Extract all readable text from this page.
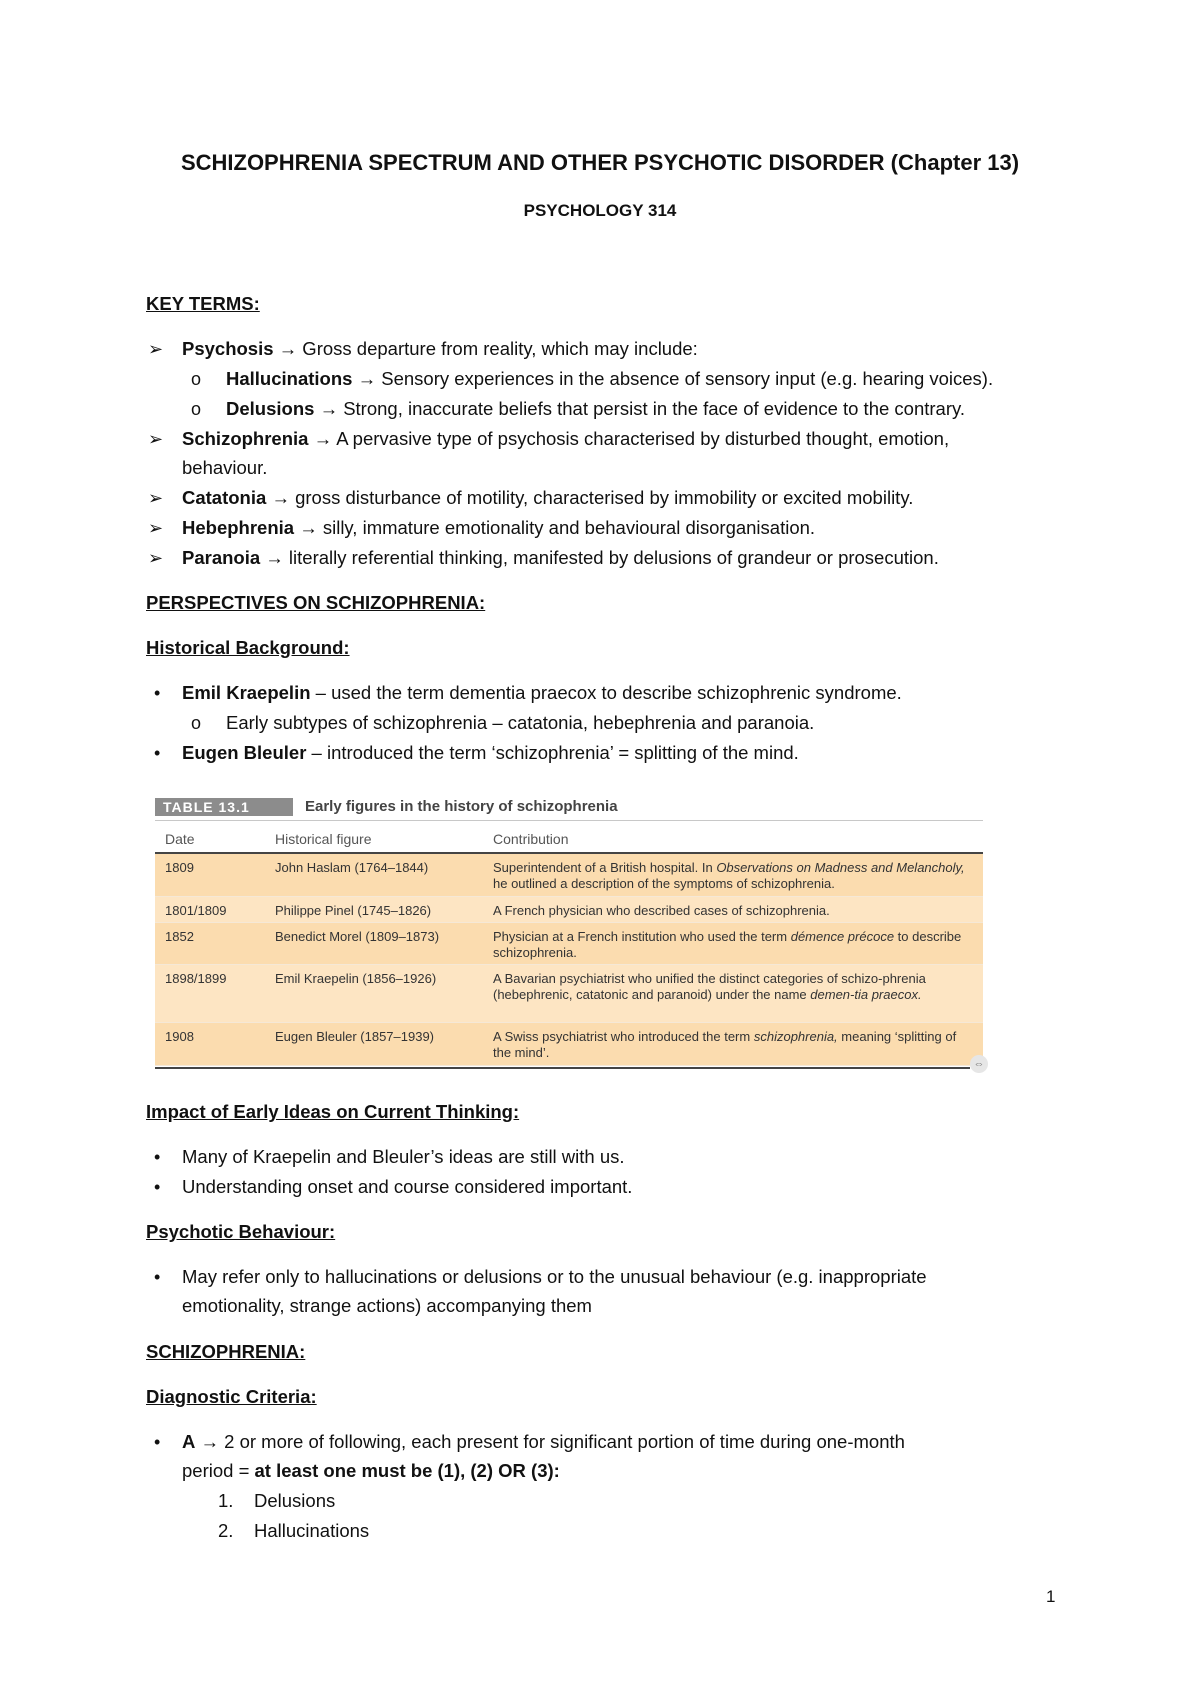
SCHIZOPHRENIA SPECTRUM AND OTHER PSYCHOTIC DISORDER (Chapter 13)
PSYCHOLOGY 314
KEY TERMS:
➢ Psychosis → Gross departure from reality, which may include:
o Hallucinations → Sensory experiences in the absence of sensory input (e.g. hearing voices).
o Delusions → Strong, inaccurate beliefs that persist in the face of evidence to the contrary.
➢ Schizophrenia → A pervasive type of psychosis characterised by disturbed thought, emotion,
behaviour.
➢ Catatonia → gross disturbance of motility, characterised by immobility or excited mobility.
➢ Hebephrenia → silly, immature emotionality and behavioural disorganisation.
➢ Paranoia → literally referential thinking, manifested by delusions of grandeur or prosecution.
PERSPECTIVES ON SCHIZOPHRENIA:
Historical Background:
• Emil Kraepelin – used the term dementia praecox to describe schizophrenic syndrome.
o Early subtypes of schizophrenia – catatonia, hebephrenia and paranoia.
• Eugen Bleuler – introduced the term ‘schizophrenia’ = splitting of the mind.
TABLE 13.1	Early figures in the history of schizophrenia
Date	Historical figure	Contribution
1809	John Haslam (1764–1844)	Superintendent of a British hospital. In Observations on Madness and Melancholy, he outlined a description of the symptoms of schizophrenia.
1801/1809	Philippe Pinel (1745–1826)	A French physician who described cases of schizophrenia.
1852	Benedict Morel (1809–1873)	Physician at a French institution who used the term démence précoce to describe schizophrenia.
1898/1899	Emil Kraepelin (1856–1926)	A Bavarian psychiatrist who unified the distinct categories of schizo-phrenia (hebephrenic, catatonic and paranoid) under the name demen-tia praecox.
1908	Eugen Bleuler (1857–1939)	A Swiss psychiatrist who introduced the term schizophrenia, meaning ‘splitting of the mind’.
⇔
Impact of Early Ideas on Current Thinking:
• Many of Kraepelin and Bleuler’s ideas are still with us.
• Understanding onset and course considered important.
Psychotic Behaviour:
• May refer only to hallucinations or delusions or to the unusual behaviour (e.g. inappropriate
emotionality, strange actions) accompanying them
SCHIZOPHRENIA:
Diagnostic Criteria:
• A → 2 or more of following, each present for significant portion of time during one-month
period = at least one must be (1), (2) OR (3):
1. Delusions
2. Hallucinations
1
